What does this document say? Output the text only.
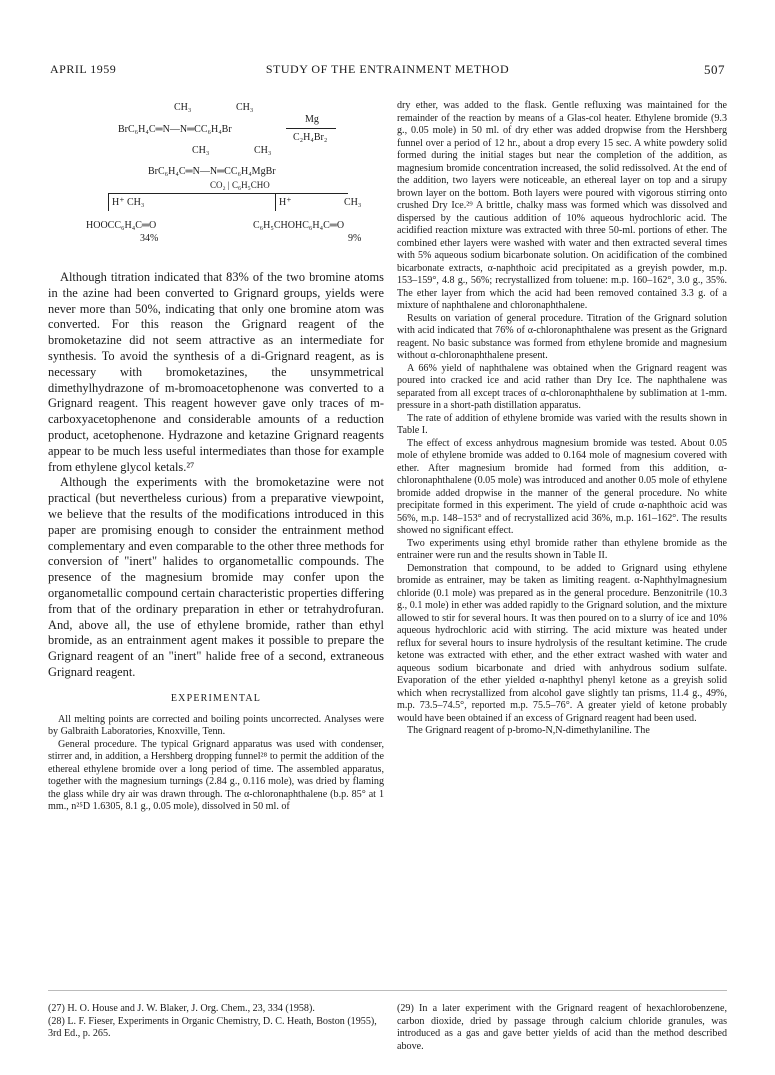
APRIL 1959	STUDY OF THE ENTRAINMENT METHOD	507
CH₃	CH₃
BrC₆H₄C═N—N═CC₆H₄Br
Mg
C₂H₄Br₂
CH₃	CH₃
BrC₆H₄C═N—N═CC₆H₄MgBr
CO₂ | C₆H₅CHO
H⁺ CH₃	H⁺	CH₃
HOOCC₆H₄C═O	C₆H₅CHOHC₆H₄C═O
34%	9%

Although titration indicated that 83% of the two bromine atoms in the azine had been converted to Grignard groups, yields were never more than 50%, indicating that only one bromine atom was converted. For this reason the Grignard reagent of the bromoketazine did not seem attractive as an intermediate for synthesis. To avoid the synthesis of a di-Grignard reagent, as is necessary with bromoketazines, the unsymmetrical dimethylhydrazone of m-bromoacetophenone was converted to a Grignard reagent. This reagent however gave only traces of m-carboxyacetophenone and considerable amounts of a reduction product, acetophenone. Hydrazone and ketazine Grignard reagents appear to be much less useful intermediates than those for example from ethylene glycol ketals.²⁷

Although the experiments with the bromoketazine were not practical (but nevertheless curious) from a preparative viewpoint, we believe that the results of the modifications introduced in this paper are promising enough to consider the entrainment method complementary and even comparable to the other three methods for conversion of "inert" halides to organometallic compounds. The presence of the magnesium bromide may confer upon the organometallic compound certain characteristic properties differing from that of the ordinary preparation in ether or tetrahydrofuran. And, above all, the use of ethylene bromide, rather than ethyl bromide, as an entrainment agent makes it possible to prepare the Grignard reagent of an "inert" halide free of a second, extraneous Grignard reagent.

EXPERIMENTAL

All melting points are corrected and boiling points uncorrected. Analyses were by Galbraith Laboratories, Knoxville, Tenn.

General procedure. The typical Grignard apparatus was used with condenser, stirrer and, in addition, a Hershberg dropping funnel²⁸ to permit the addition of the ethereal ethylene bromide over a long period of time. The assembled apparatus, together with the magnesium turnings (2.84 g., 0.116 mole), was dried by flaming the glass while dry air was drawn through. The α-chloronaphthalene (b.p. 85° at 1 mm., n²⁵D 1.6305, 8.1 g., 0.05 mole), dissolved in 50 ml. of

dry ether, was added to the flask. Gentle refluxing was maintained for the remainder of the reaction by means of a Glas-col heater. Ethylene bromide (9.3 g., 0.05 mole) in 50 ml. of dry ether was added dropwise from the Hershberg funnel over a period of 12 hr., about a drop every 15 sec. A white powdery solid formed during the initial stages but near the completion of the addition, as magnesium bromide concentration increased, the solid redissolved. At the end of the addition, two layers were noticeable, an ethereal layer on top and a sirupy brown layer on the bottom. Both layers were poured with vigorous stirring onto crushed Dry Ice.²⁹ A brittle, chalky mass was formed which was dissolved and dispersed by the cautious addition of 10% aqueous hydrochloric acid. The acidified reaction mixture was extracted with three 50-ml. portions of ether. The combined ether layers were washed with water and then extracted several times with 5% aqueous sodium bicarbonate solution. On acidification of the combined bicarbonate extracts, α-naphthoic acid precipitated as a greyish powder, m.p. 153–159°, 4.8 g., 56%; recrystallized from toluene: m.p. 160–162°, 3.0 g., 35%. The ether layer from which the acid had been removed contained 3.3 g. of a mixture of naphthalene and chloronaphthalene.

Results on variation of general procedure. Titration of the Grignard solution with acid indicated that 76% of α-chloronaphthalene was present as the Grignard reagent. No basic substance was formed from ethylene bromide and magnesium without α-chloronaphthalene present.

A 66% yield of naphthalene was obtained when the Grignard reagent was poured into cracked ice and acid rather than Dry Ice. The naphthalene was separated from all except traces of α-chloronaphthalene by sublimation at 1-mm. pressure in a short-path distillation apparatus.

The rate of addition of ethylene bromide was varied with the results shown in Table I.

The effect of excess anhydrous magnesium bromide was tested. About 0.05 mole of ethylene bromide was added to 0.164 mole of magnesium covered with ether. After magnesium bromide had formed from this addition, α-chloronaphthalene (0.05 mole) was introduced and another 0.05 mole of ethylene bromide added dropwise in the manner of the general procedure. No white precipitate formed in this experiment. The yield of crude α-naphthoic acid was 56%, m.p. 148–153° and of recrystallized acid 36%, m.p. 161–162°. The results showed no significant effect.

Two experiments using ethyl bromide rather than ethylene bromide as the entrainer were run and the results shown in Table II.

Demonstration that compound, to be added to Grignard using ethylene bromide as entrainer, may be taken as limiting reagent. α-Naphthylmagnesium chloride (0.1 mole) was prepared as in the general procedure. Benzonitrile (10.3 g., 0.1 mole) in ether was added rapidly to the Grignard solution, and the mixture allowed to stir for several hours. It was then poured on to a slurry of ice and 10% aqueous hydrochloric acid with stirring. The acid mixture was heated under reflux for several hours to insure hydrolysis of the resultant ketimine. The crude ketone was extracted with ether, and the ether extract washed with water and aqueous sodium bicarbonate and dried with anhydrous sodium sulfate. Evaporation of the ether yielded α-naphthyl phenyl ketone as a greyish solid which when recrystallized from alcohol gave slightly tan prisms, 11.4 g., 49%, m.p. 73.5–74.5°, reported m.p. 75.5–76°. A greater yield of ketone probably would have been obtained if an excess of Grignard reagent had been used.

The Grignard reagent of p-bromo-N,N-dimethylaniline. The

(27) H. O. House and J. W. Blaker, J. Org. Chem., 23, 334 (1958).

(28) L. F. Fieser, Experiments in Organic Chemistry, D. C. Heath, Boston (1955), 3rd Ed., p. 265.

(29) In a later experiment with the Grignard reagent of hexachlorobenzene, carbon dioxide, dried by passage through calcium chloride granules, was introduced as a gas and gave better yields of acid than the method described above.
